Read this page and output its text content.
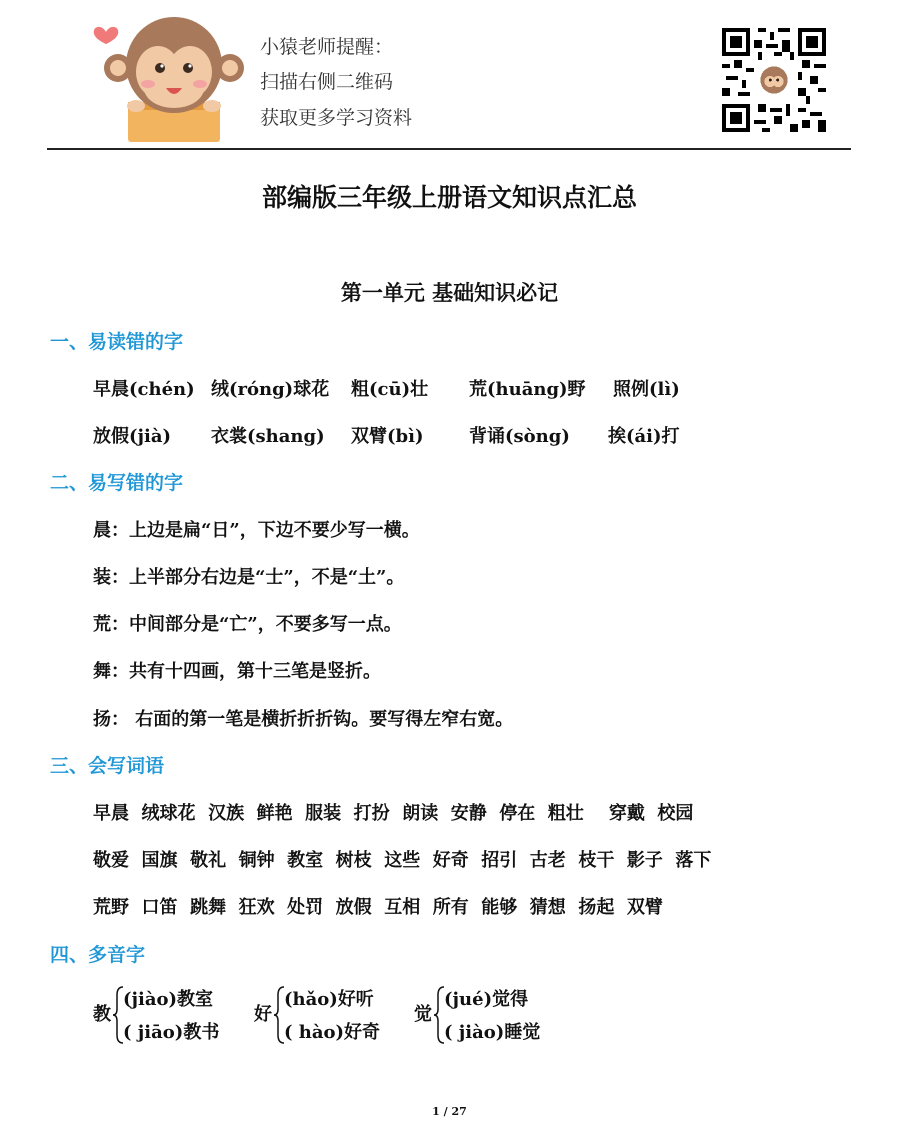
小猿老师提醒：
扫描右侧二维码
获取更多学习资料
部编版三年级上册语文知识点汇总
第一单元 基础知识必记
一、易读错的字
早晨(chén) 绒(róng)球花 粗(cū)壮 荒(huāng)野 照例(lì)
放假(jià) 衣裳(shang) 双臂(bì)	背诵(sòng) 挨(ái)打
二、易写错的字
晨：上边是扁“日”，下边不要少写一横。
装：上半部分右边是“士”，不是“土”。
荒：中间部分是“亡”，不要多写一点。
舞：共有十四画，第十三笔是竖折。
扬： 右面的第一笔是横折折折钩。要写得左窄右宽。
三、会写词语
早晨  绒球花  汉族  鲜艳  服装  打扮  朗读  安静  停在  粗壮    穿戴  校园
敬爱  国旗  敬礼  铜钟  教室  树枝  这些  好奇  招引  古老  枝干  影子  落下
荒野  口笛  跳舞  狂欢  处罚  放假  互相  所有  能够  猜想  扬起  双臂
四、多音字
教
(jiào)教室
( jiāo)教书
好
(hǎo)好听
( hào)好奇
觉
(jué)觉得
( jiào)睡觉
1 / 27
